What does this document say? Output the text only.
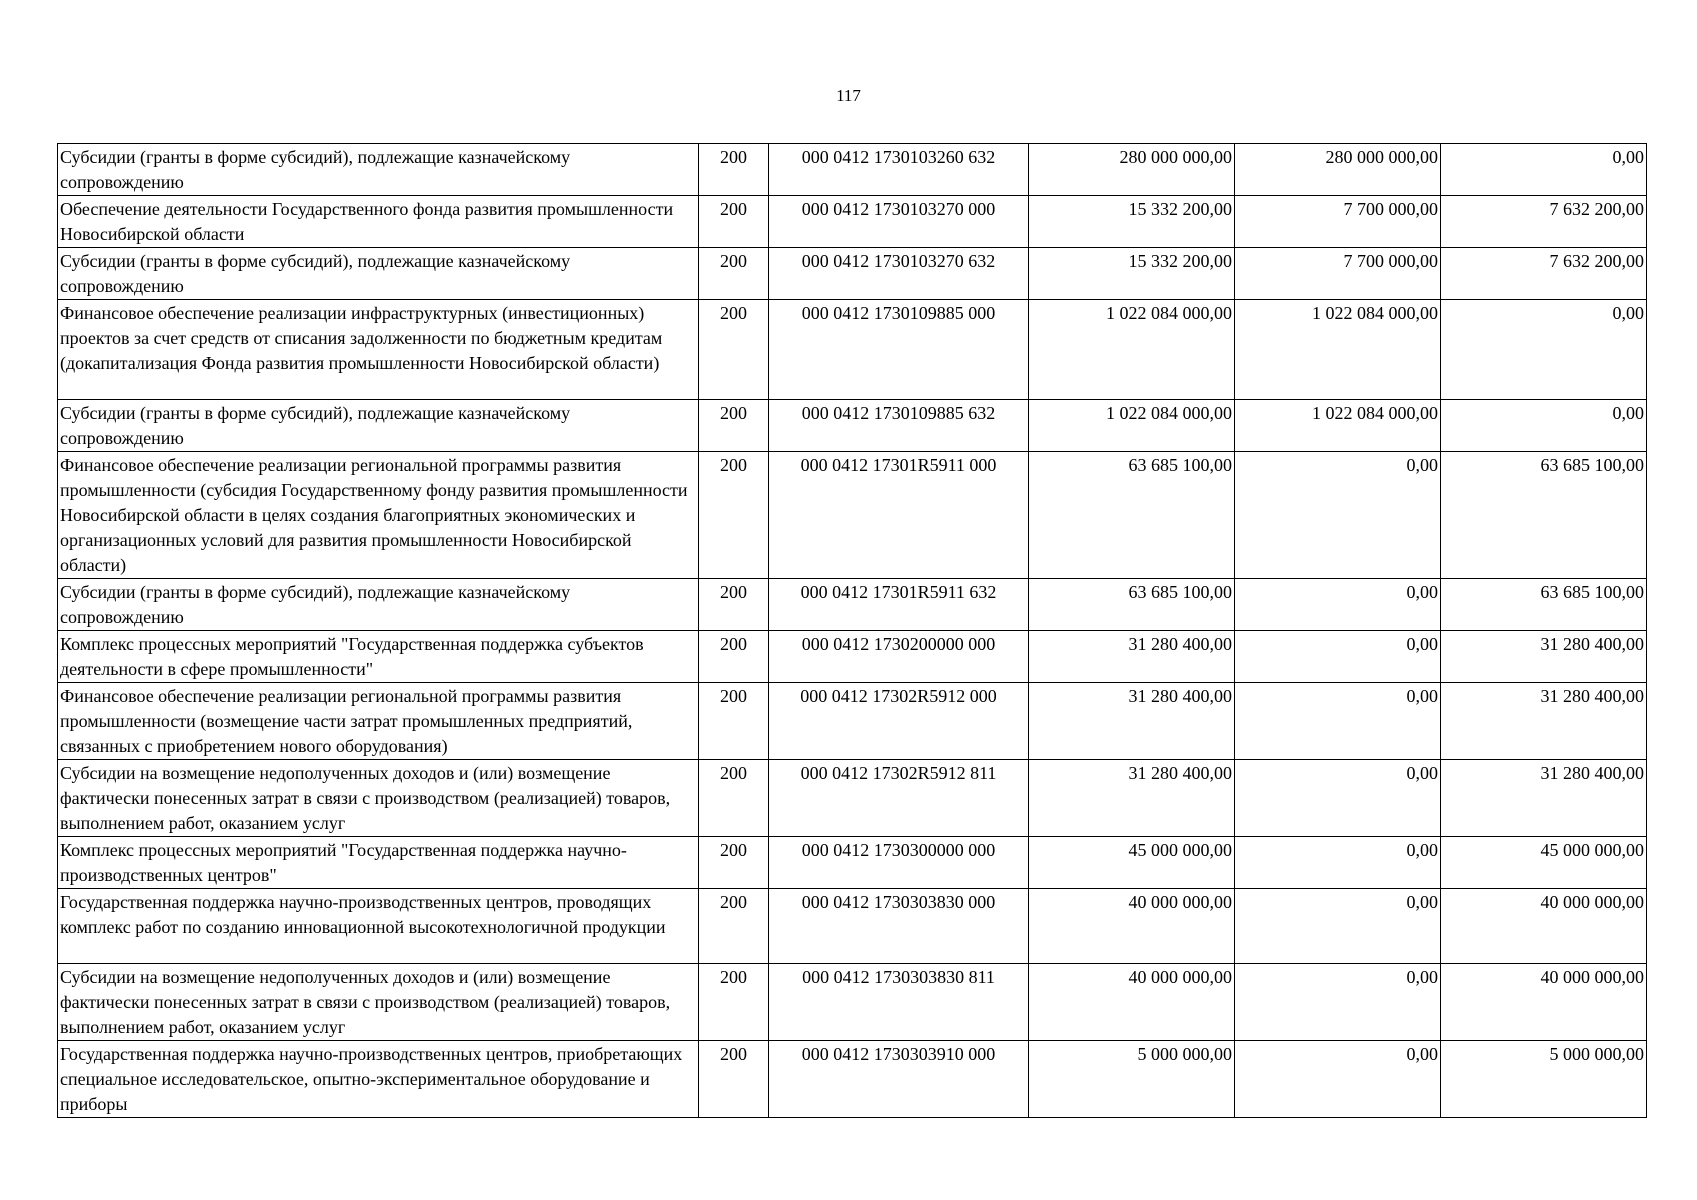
117
Субсидии (гранты в форме субсидий), подлежащие казначейскому сопровождению	200	000 0412 1730103260 632	280 000 000,00	280 000 000,00	0,00
Обеспечение деятельности Государственного фонда развития промышленности Новосибирской области	200	000 0412 1730103270 000	15 332 200,00	7 700 000,00	7 632 200,00
Субсидии (гранты в форме субсидий), подлежащие казначейскому сопровождению	200	000 0412 1730103270 632	15 332 200,00	7 700 000,00	7 632 200,00
Финансовое обеспечение реализации инфраструктурных (инвестиционных) проектов за счет средств от списания задолженности по бюджетным кредитам (докапитализация Фонда развития промышленности Новосибирской области)	200	000 0412 1730109885 000	1 022 084 000,00	1 022 084 000,00	0,00
Субсидии (гранты в форме субсидий), подлежащие казначейскому сопровождению	200	000 0412 1730109885 632	1 022 084 000,00	1 022 084 000,00	0,00
Финансовое обеспечение реализации региональной программы развития промышленности (субсидия Государственному фонду развития промышленности Новосибирской области в целях создания благоприятных экономических и организационных условий для развития промышленности Новосибирской области)	200	000 0412 17301R5911 000	63 685 100,00	0,00	63 685 100,00
Субсидии (гранты в форме субсидий), подлежащие казначейскому сопровождению	200	000 0412 17301R5911 632	63 685 100,00	0,00	63 685 100,00
Комплекс процессных мероприятий "Государственная поддержка субъектов деятельности в сфере промышленности"	200	000 0412 1730200000 000	31 280 400,00	0,00	31 280 400,00
Финансовое обеспечение реализации региональной программы развития промышленности (возмещение части затрат промышленных предприятий, связанных с приобретением нового оборудования)	200	000 0412 17302R5912 000	31 280 400,00	0,00	31 280 400,00
Субсидии на возмещение недополученных доходов и (или) возмещение фактически понесенных затрат в связи с производством (реализацией) товаров, выполнением работ, оказанием услуг	200	000 0412 17302R5912 811	31 280 400,00	0,00	31 280 400,00
Комплекс процессных мероприятий "Государственная поддержка научно-производственных центров"	200	000 0412 1730300000 000	45 000 000,00	0,00	45 000 000,00
Государственная поддержка научно-производственных центров, проводящих комплекс работ по созданию инновационной высокотехнологичной продукции	200	000 0412 1730303830 000	40 000 000,00	0,00	40 000 000,00
Субсидии на возмещение недополученных доходов и (или) возмещение фактически понесенных затрат в связи с производством (реализацией) товаров, выполнением работ, оказанием услуг	200	000 0412 1730303830 811	40 000 000,00	0,00	40 000 000,00
Государственная поддержка научно-производственных центров, приобретающих специальное исследовательское, опытно-экспериментальное оборудование и приборы	200	000 0412 1730303910 000	5 000 000,00	0,00	5 000 000,00
